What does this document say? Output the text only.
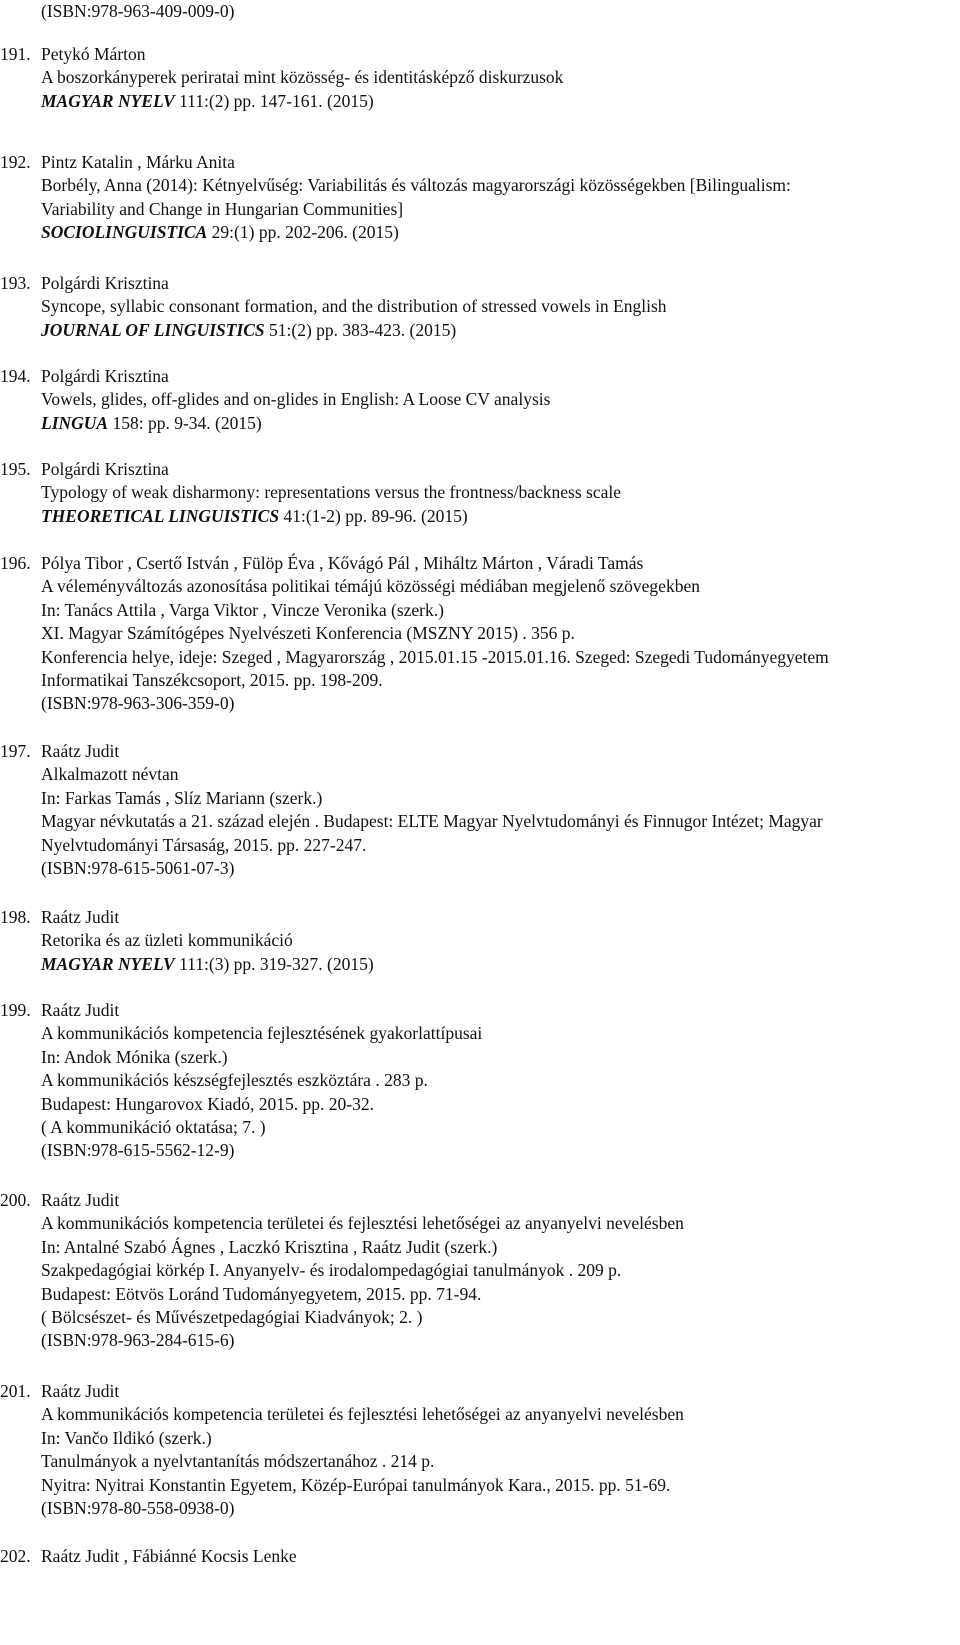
(ISBN:978-963-409-009-0)
191. Petykó Márton
A boszorkányperek periratai mint közösség- és identitásképző diskurzusok
MAGYAR NYELV 111:(2) pp. 147-161. (2015)
192. Pintz Katalin , Márku Anita
Borbély, Anna (2014): Kétnyelvűség: Variabilitás és változás magyarországi közösségekben [Bilingualism:
Variability and Change in Hungarian Communities]
SOCIOLINGUISTICA 29:(1) pp. 202-206. (2015)
193. Polgárdi Krisztina
Syncope, syllabic consonant formation, and the distribution of stressed vowels in English
JOURNAL OF LINGUISTICS 51:(2) pp. 383-423. (2015)
194. Polgárdi Krisztina
Vowels, glides, off-glides and on-glides in English: A Loose CV analysis
LINGUA 158: pp. 9-34. (2015)
195. Polgárdi Krisztina
Typology of weak disharmony: representations versus the frontness/backness scale
THEORETICAL LINGUISTICS 41:(1-2) pp. 89-96. (2015)
196. Pólya Tibor , Csertő István , Fülöp Éva , Kővágó Pál , Miháltz Márton , Váradi Tamás
A véleményváltozás azonosítása politikai témájú közösségi médiában megjelenő szövegekben
In: Tanács Attila , Varga Viktor , Vincze Veronika (szerk.)
XI. Magyar Számítógépes Nyelvészeti Konferencia (MSZNY 2015) . 356 p.
Konferencia helye, ideje: Szeged , Magyarország , 2015.01.15 -2015.01.16. Szeged: Szegedi Tudományegyetem
Informatikai Tanszékcsoport, 2015. pp. 198-209.
(ISBN:978-963-306-359-0)
197. Raátz Judit
Alkalmazott névtan
In: Farkas Tamás , Slíz Mariann (szerk.)
Magyar névkutatás a 21. század elején . Budapest: ELTE Magyar Nyelvtudományi és Finnugor Intézet; Magyar
Nyelvtudományi Társaság, 2015. pp. 227-247.
(ISBN:978-615-5061-07-3)
198. Raátz Judit
Retorika és az üzleti kommunikáció
MAGYAR NYELV 111:(3) pp. 319-327. (2015)
199. Raátz Judit
A kommunikációs kompetencia fejlesztésének gyakorlattípusai
In: Andok Mónika (szerk.)
A kommunikációs készségfejlesztés eszköztára . 283 p.
Budapest: Hungarovox Kiadó, 2015. pp. 20-32.
( A kommunikáció oktatása; 7. )
(ISBN:978-615-5562-12-9)
200. Raátz Judit
A kommunikációs kompetencia területei és fejlesztési lehetőségei az anyanyelvi nevelésben
In: Antalné Szabó Ágnes , Laczkó Krisztina , Raátz Judit (szerk.)
Szakpedagógiai körkép I. Anyanyelv- és irodalompedagógiai tanulmányok . 209 p.
Budapest: Eötvös Loránd Tudományegyetem, 2015. pp. 71-94.
( Bölcsészet- és Művészetpedagógiai Kiadványok; 2. )
(ISBN:978-963-284-615-6)
201. Raátz Judit
A kommunikációs kompetencia területei és fejlesztési lehetőségei az anyanyelvi nevelésben
In: Vančo Ildikó (szerk.)
Tanulmányok a nyelvtantanítás módszertanához . 214 p.
Nyitra: Nyitrai Konstantin Egyetem, Közép-Európai tanulmányok Kara., 2015. pp. 51-69.
(ISBN:978-80-558-0938-0)
202. Raátz Judit , Fábiánné Kocsis Lenke
